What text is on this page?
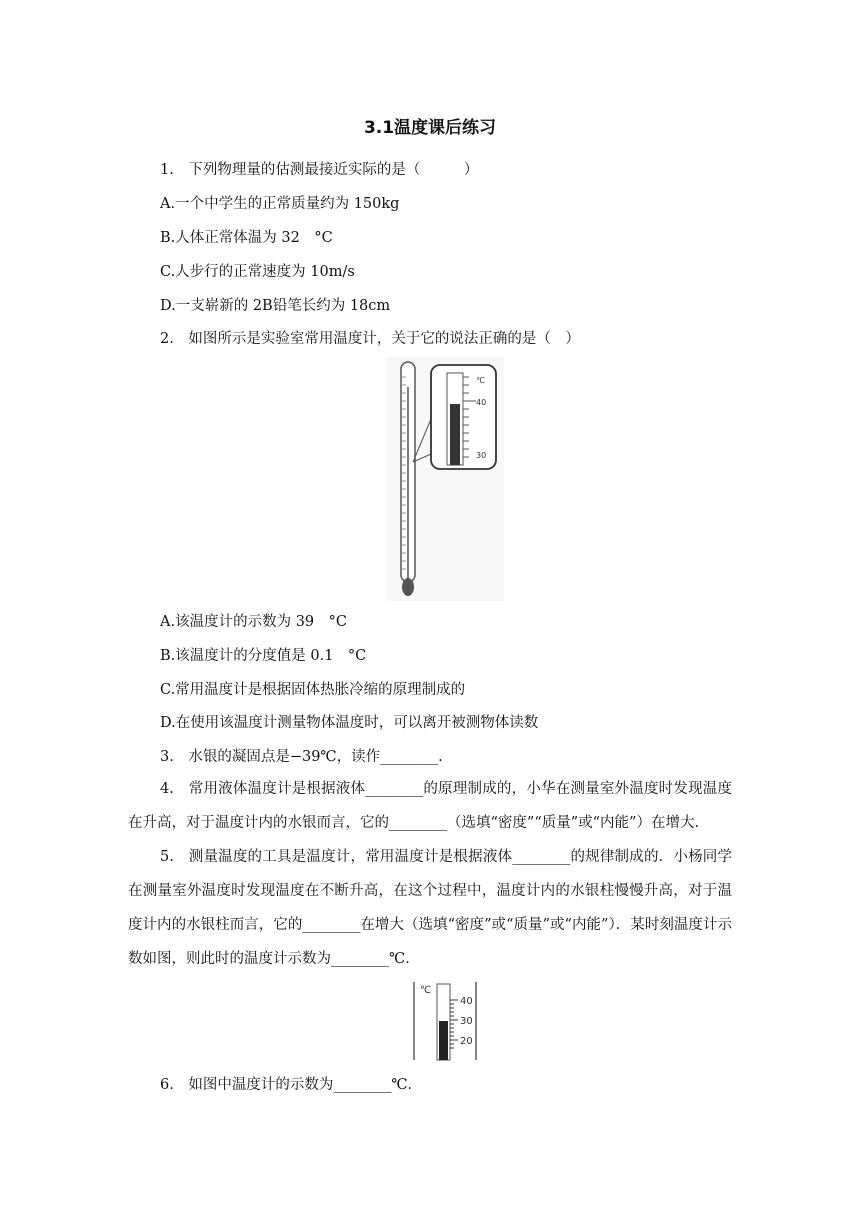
3.1温度课后练习
1.　下列物理量的估测最接近实际的是（　　　）
A.一个中学生的正常质量约为 150kg
B.人体正常体温为 32　°C
C.人步行的正常速度为 10m/s
D.一支崭新的 2B铅笔长约为 18cm
2.　如图所示是实验室常用温度计，关于它的说法正确的是（　）
℃
40
30
A.该温度计的示数为 39　°C
B.该温度计的分度值是 0.1　°C
C.常用温度计是根据固体热胀冷缩的原理制成的
D.在使用该温度计测量物体温度时，可以离开被测物体读数
3.　水银的凝固点是−39℃，读作________.
4.　常用液体温度计是根据液体________的原理制成的，小华在测量室外温度时发现温度在升高，对于温度计内的水银而言，它的________（选填“密度”“质量”或“内能”）在增大.
5.　测量温度的工具是温度计，常用温度计是根据液体________的规律制成的．小杨同学在测量室外温度时发现温度在不断升高，在这个过程中，温度计内的水银柱慢慢升高，对于温度计内的水银柱而言，它的________在增大（选填“密度”或“质量”或“内能”）．某时刻温度计示数如图，则此时的温度计示数为________℃．
℃
40
30
20
6.　如图中温度计的示数为________℃．
